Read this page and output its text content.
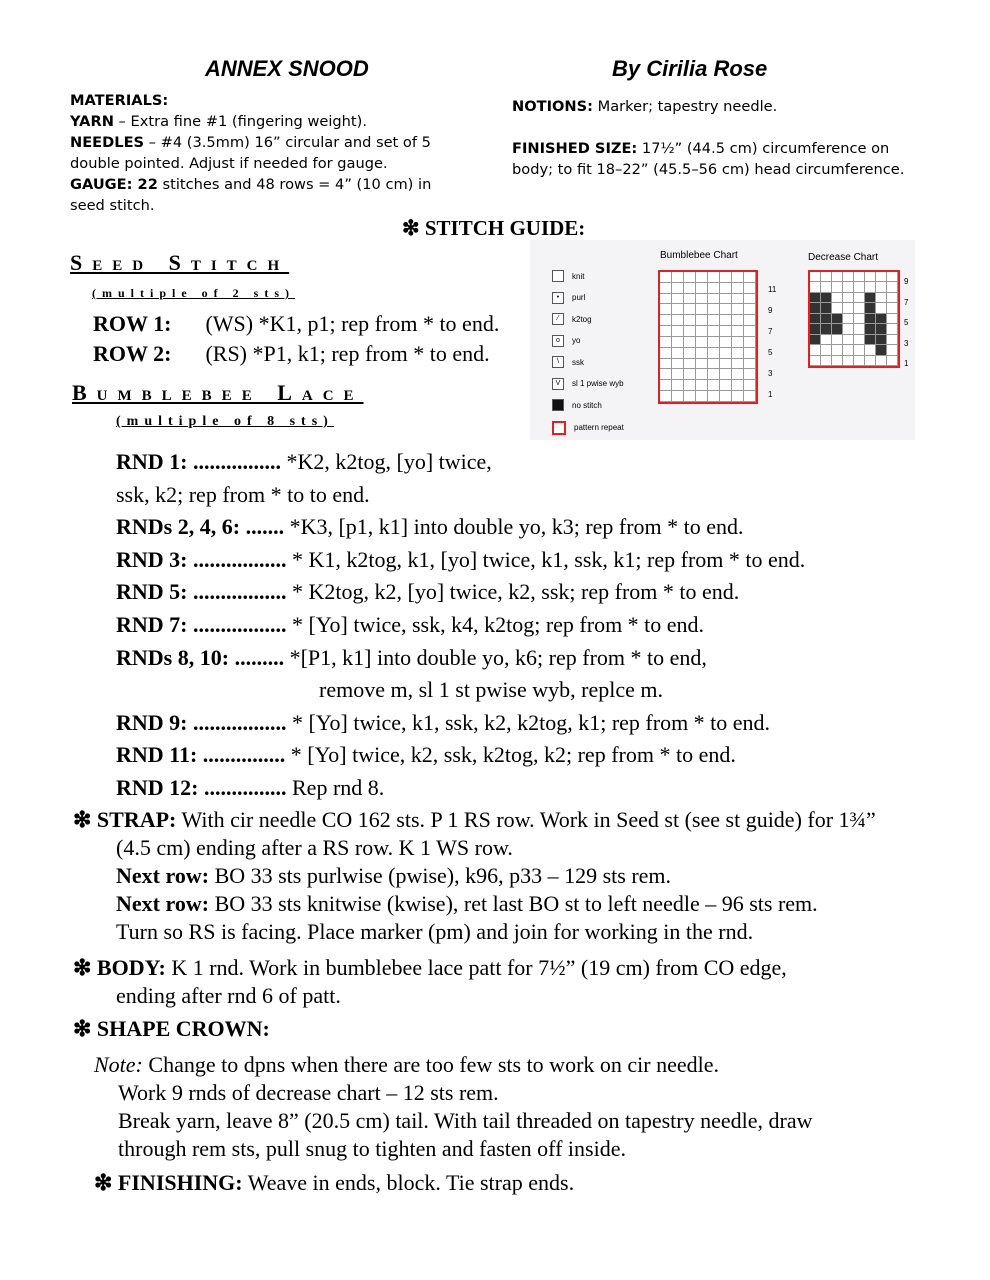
ANNEX SNOOD	By Cirilia Rose
MATERIALS:
YARN – Extra fine #1 (fingering weight).
NEEDLES – #4 (3.5mm) 16” circular and set of 5 double pointed. Adjust if needed for gauge.
GAUGE: 22 stitches and 48 rows = 4” (10 cm) in seed stitch.
NOTIONS: Marker; tapestry needle.
FINISHED SIZE: 17½” (44.5 cm) circumference on body; to fit 18–22” (45.5–56 cm) head circumference.
❇ STITCH GUIDE:
Seed Stitch
(multiple of 2 sts)
ROW 1: (WS) *K1, p1; rep from * to end.
ROW 2: (RS) *P1, k1; rep from * to end.
Bumblebee Lace
(multiple of 8 sts)
RND 1: ................ *K2, k2tog, [yo] twice,
ssk, k2; rep from * to to end.
RNDs 2, 4, 6: ....... *K3, [p1, k1] into double yo, k3; rep from * to end.
RND 3: ................. * K1, k2tog, k1, [yo] twice, k1, ssk, k1; rep from * to end.
RND 5: ................. * K2tog, k2, [yo] twice, k2, ssk; rep from * to end.
RND 7: ................. * [Yo] twice, ssk, k4, k2tog; rep from * to end.
RNDs 8, 10: ......... *[P1, k1] into double yo, k6; rep from * to end,
remove m, sl 1 st pwise wyb, replce m.
RND 9: ................. * [Yo] twice, k1, ssk, k2, k2tog, k1; rep from * to end.
RND 11: ............... * [Yo] twice, k2, ssk, k2tog, k2; rep from * to end.
RND 12: ............... Rep rnd 8.
❇ STRAP: With cir needle CO 162 sts. P 1 RS row. Work in Seed st (see st guide) for 1¾”
(4.5 cm) ending after a RS row. K 1 WS row.
Next row: BO 33 sts purlwise (pwise), k96, p33 – 129 sts rem.
Next row: BO 33 sts knitwise (kwise), ret last BO st to left needle – 96 sts rem.
Turn so RS is facing. Place marker (pm) and join for working in the rnd.
❇ BODY: K 1 rnd. Work in bumblebee lace patt for 7½” (19 cm) from CO edge,
ending after rnd 6 of patt.
❇ SHAPE CROWN:
Note: Change to dpns when there are too few sts to work on cir needle.
Work 9 rnds of decrease chart – 12 sts rem.
Break yarn, leave 8” (20.5 cm) tail. With tail threaded on tapestry needle, draw
through rem sts, pull snug to tighten and fasten off inside.
❇ FINISHING: Weave in ends, block. Tie strap ends.
Bumblebee Chart	Decrease Chart
knit
•	purl
⁄	k2tog
o	yo
\	ssk
V	sl 1 pwise wyb
■	no stitch
pattern repeat
11
9
7
5
3
1
9
7
5
3
1
